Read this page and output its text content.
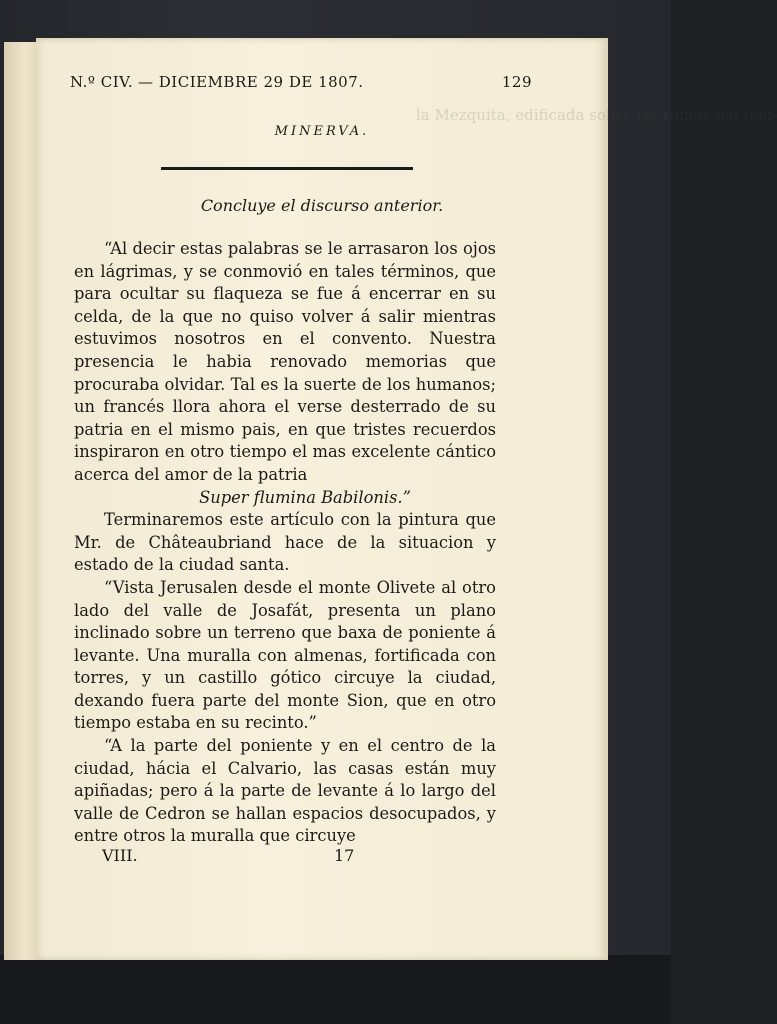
la Mezquita, edificada sobre las ruinas del tem-
N.º CIV. — DICIEMBRE 29 DE 1807.	129
MINERVA.
Concluye el discurso anterior.

“Al decir estas palabras se le arrasaron los ojos en lágrimas, y se conmovió en tales términos, que para ocultar su flaqueza se fue á encerrar en su celda, de la que no quiso volver á salir mientras estuvimos nosotros en el convento. Nuestra presencia le habia renovado memorias que procuraba olvidar. Tal es la suerte de los humanos; un francés llora ahora el verse desterrado de su patria en el mismo pais, en que tristes recuerdos inspiraron en otro tiempo el mas excelente cántico acerca del amor de la patria

Super flumina Babilonis.”

Terminaremos este artículo con la pintura que Mr. de Châteaubriand hace de la situacion y estado de la ciudad santa.

“Vista Jerusalen desde el monte Olivete al otro lado del valle de Josafát, presenta un plano inclinado sobre un terreno que baxa de poniente á levante. Una muralla con almenas, fortificada con torres, y un castillo gótico circuye la ciudad, dexando fuera parte del monte Sion, que en otro tiempo estaba en su recinto.”

“A la parte del poniente y en el centro de la ciudad, hácia el Calvario, las casas están muy apiñadas; pero á la parte de levante á lo largo del valle de Cedron se hallan espacios desocupados, y entre otros la muralla que circuye

VIII.	17
